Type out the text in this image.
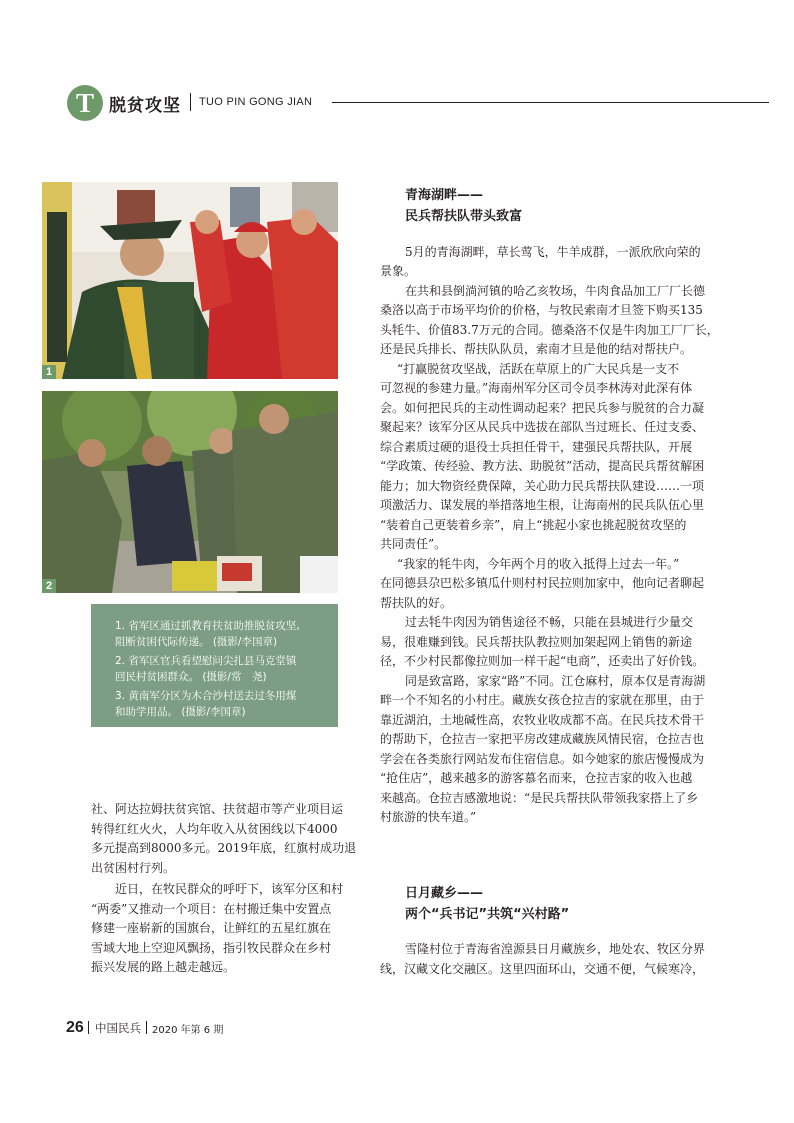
T 脱贫攻坚 TUO PIN GONG JIAN
1
2
1. 省军区通过抓教育扶贫助推脱贫攻坚,
阻断贫困代际传递。 (摄影/李国章)
2. 省军区官兵看望慰问尖扎县马克堂镇
回民村贫困群众。 (摄影/常　尧)
3. 黄南军分区为木合沙村送去过冬用煤
和助学用品。 (摄影/李国章)
青海湖畔——
民兵帮扶队带头致富
5月的青海湖畔，草长莺飞，牛羊成群，一派欣欣向荣的
景象。
在共和县倒淌河镇的哈乙亥牧场，牛肉食品加工厂厂长德
桑洛以高于市场平均价的价格，与牧民索南才旦签下购买135
头牦牛、价值83.7万元的合同。德桑洛不仅是牛肉加工厂厂长，
还是民兵排长、帮扶队队员，索南才旦是他的结对帮扶户。
“打赢脱贫攻坚战，活跃在草原上的广大民兵是一支不
可忽视的参建力量。”海南州军分区司令员李林涛对此深有体
会。如何把民兵的主动性调动起来？把民兵参与脱贫的合力凝
聚起来？该军分区从民兵中选拔在部队当过班长、任过支委、
综合素质过硬的退役士兵担任骨干，建强民兵帮扶队，开展
“学政策、传经验、教方法、助脱贫”活动，提高民兵帮贫解困
能力；加大物资经费保障，关心助力民兵帮扶队建设……一项
项激活力、谋发展的举措落地生根，让海南州的民兵队伍心里
“装着自己更装着乡亲”，肩上“挑起小家也挑起脱贫攻坚的
共同责任”。
“我家的牦牛肉，今年两个月的收入抵得上过去一年。”
在同德县尕巴松多镇瓜什则村村民拉则加家中，他向记者聊起
帮扶队的好。
过去牦牛肉因为销售途径不畅，只能在县城进行少量交
易，很难赚到钱。民兵帮扶队教拉则加架起网上销售的新途
径，不少村民都像拉则加一样干起“电商”，还卖出了好价钱。
同是致富路，家家“路”不同。江仓麻村，原本仅是青海湖
畔一个不知名的小村庄。藏族女孩仓拉吉的家就在那里，由于
靠近湖泊，土地碱性高，农牧业收成都不高。在民兵技术骨干
的帮助下，仓拉吉一家把平房改建成藏族风情民宿，仓拉吉也
学会在各类旅行网站发布住宿信息。如今她家的旅店慢慢成为
“抢住店”，越来越多的游客慕名而来，仓拉吉家的收入也越
来越高。仓拉吉感激地说：“是民兵帮扶队带领我家搭上了乡
村旅游的快车道。”
日月藏乡——
两个“兵书记”共筑“兴村路”
雪隆村位于青海省湟源县日月藏族乡，地处农、牧区分界
线，汉藏文化交融区。这里四面环山，交通不便，气候寒冷，
社、阿达拉姆扶贫宾馆、扶贫超市等产业项目运
转得红红火火，人均年收入从贫困线以下4000
多元提高到8000多元。2019年底，红旗村成功退
出贫困村行列。
近日，在牧民群众的呼吁下，该军分区和村
“两委”又推动一个项目：在村搬迁集中安置点
修建一座崭新的国旗台，让鲜红的五星红旗在
雪域大地上空迎风飘扬，指引牧民群众在乡村
振兴发展的路上越走越远。
26 中国民兵 2020 年第 6 期
